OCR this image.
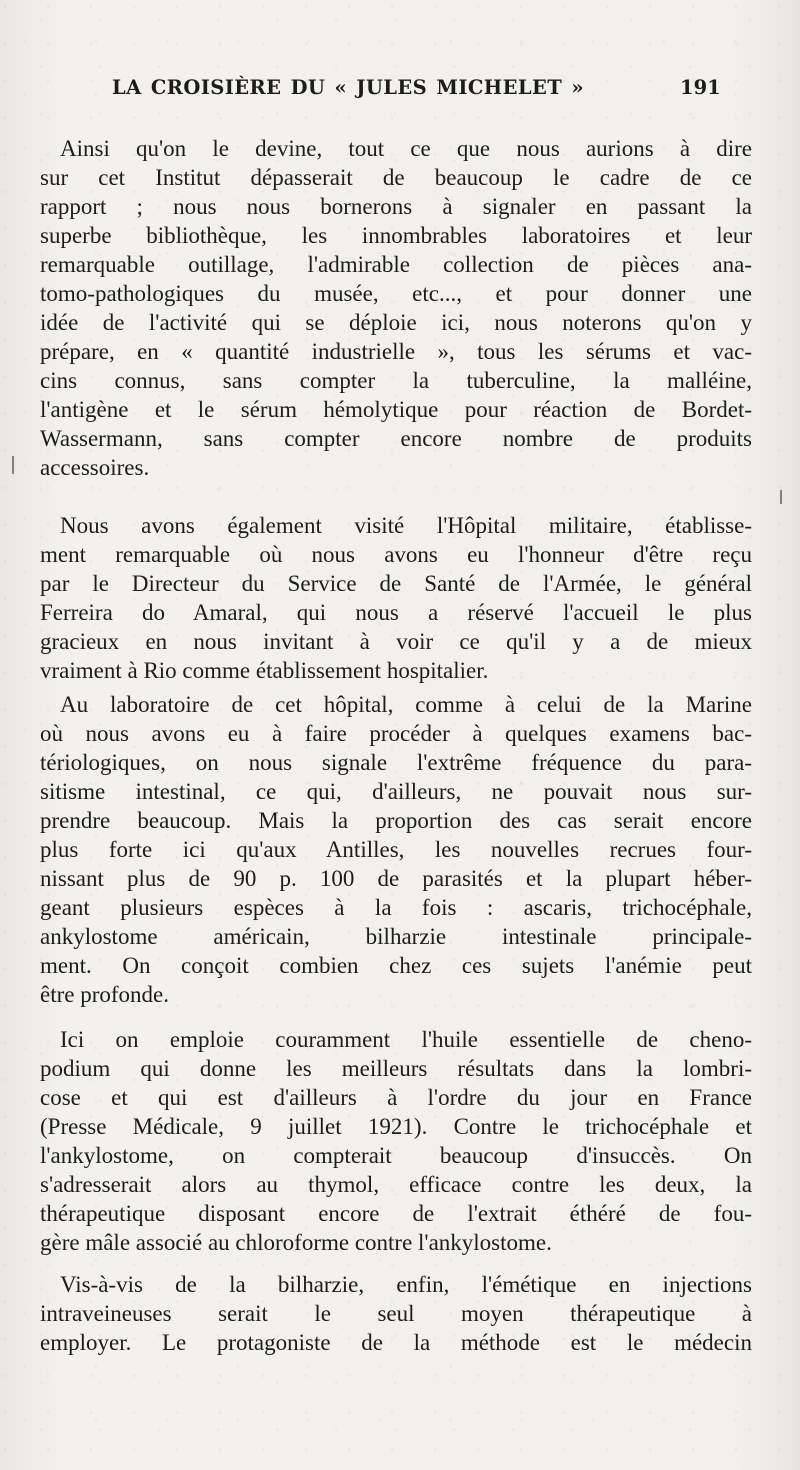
LA CROISIÈRE DU « JULES MICHELET »	191

Ainsi qu'on le devine, tout ce que nous aurions à dire
sur cet Institut dépasserait de beaucoup le cadre de ce
rapport ; nous nous bornerons à signaler en passant la
superbe bibliothèque, les innombrables laboratoires et leur
remarquable outillage, l'admirable collection de pièces ana-
tomo-pathologiques du musée, etc..., et pour donner une
idée de l'activité qui se déploie ici, nous noterons qu'on y
prépare, en « quantité industrielle », tous les sérums et vac-
cins connus, sans compter la tuberculine, la malléine,
l'antigène et le sérum hémolytique pour réaction de Bordet-
Wassermann, sans compter encore nombre de produits
accessoires.

Nous avons également visité l'Hôpital militaire, établisse-
ment remarquable où nous avons eu l'honneur d'être reçu
par le Directeur du Service de Santé de l'Armée, le général
Ferreira do Amaral, qui nous a réservé l'accueil le plus
gracieux en nous invitant à voir ce qu'il y a de mieux
vraiment à Rio comme établissement hospitalier.

Au laboratoire de cet hôpital, comme à celui de la Marine
où nous avons eu à faire procéder à quelques examens bac-
tériologiques, on nous signale l'extrême fréquence du para-
sitisme intestinal, ce qui, d'ailleurs, ne pouvait nous sur-
prendre beaucoup. Mais la proportion des cas serait encore
plus forte ici qu'aux Antilles, les nouvelles recrues four-
nissant plus de 90 p. 100 de parasités et la plupart héber-
geant plusieurs espèces à la fois : ascaris, trichocéphale,
ankylostome américain, bilharzie intestinale principale-
ment. On conçoit combien chez ces sujets l'anémie peut
être profonde.

Ici on emploie couramment l'huile essentielle de cheno-
podium qui donne les meilleurs résultats dans la lombri-
cose et qui est d'ailleurs à l'ordre du jour en France
(Presse Médicale, 9 juillet 1921). Contre le trichocéphale et
l'ankylostome, on compterait beaucoup d'insuccès. On
s'adresserait alors au thymol, efficace contre les deux, la
thérapeutique disposant encore de l'extrait éthéré de fou-
gère mâle associé au chloroforme contre l'ankylostome.

Vis-à-vis de la bilharzie, enfin, l'émétique en injections
intraveineuses serait le seul moyen thérapeutique à
employer. Le protagoniste de la méthode est le médecin
